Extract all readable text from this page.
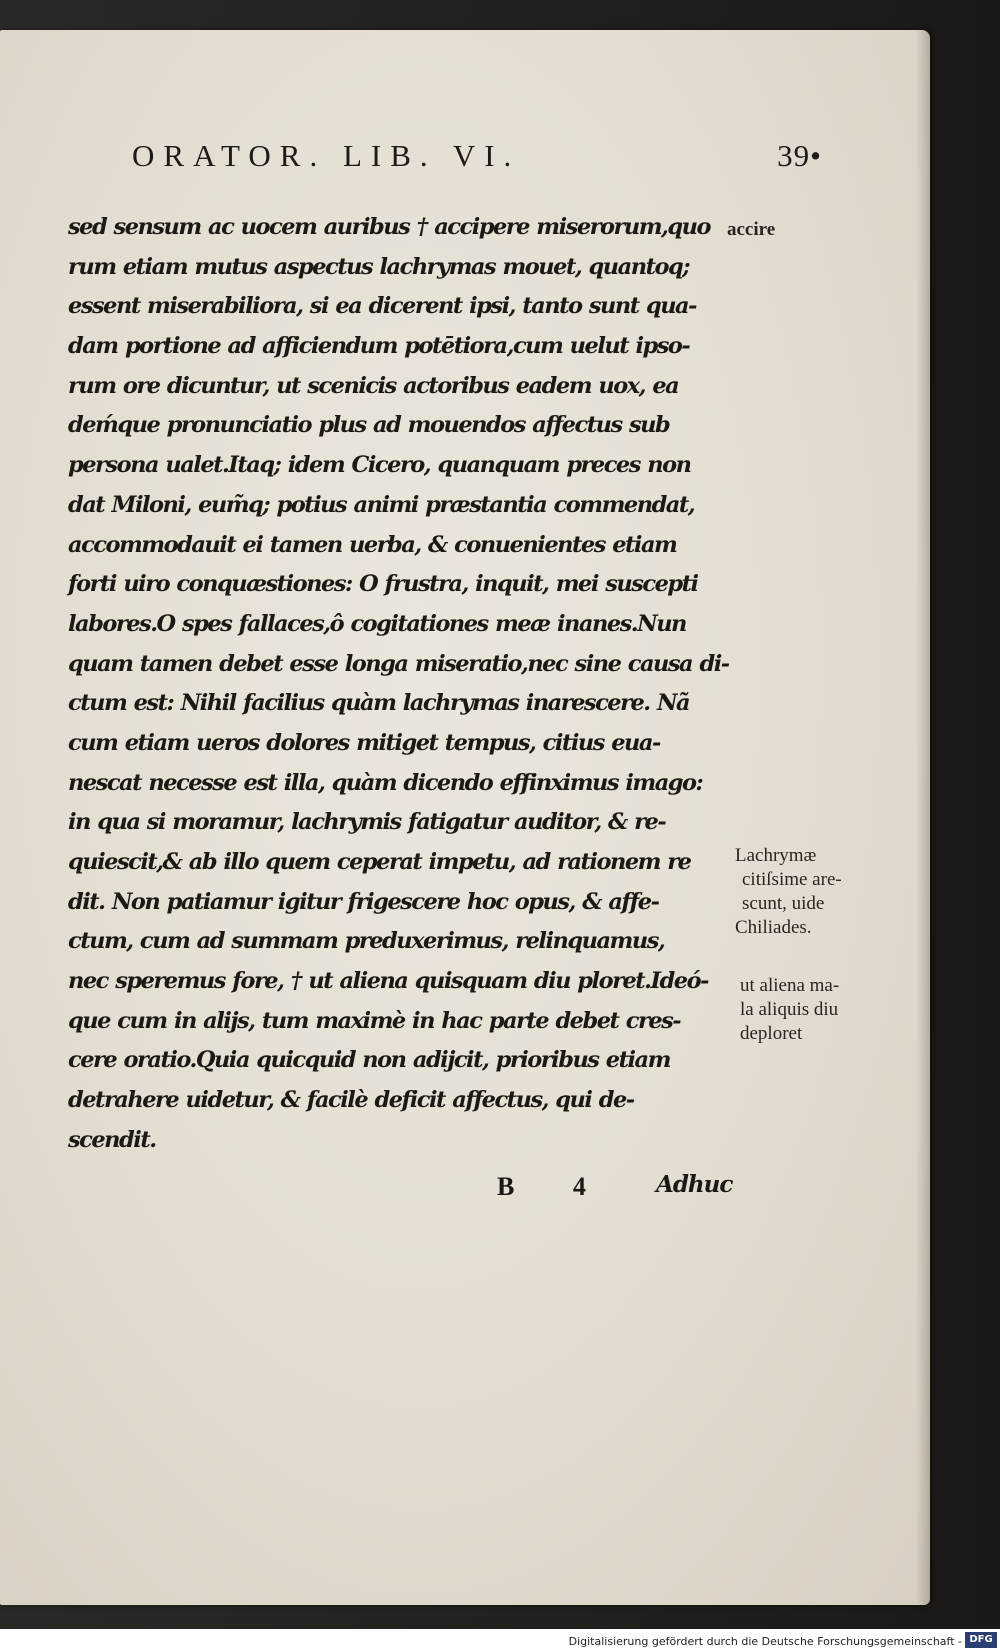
ORATOR. LIB. VI.	39•
sed sensum ac uocem auribus † accipere miserorum,quo
rum etiam mutus aspectus lachrymas mouet, quantoq;
essent miserabiliora, si ea dicerent ipsi, tanto sunt qua-
dam portione ad afficiendum potētiora,cum uelut ipso-
rum ore dicuntur, ut scenicis actoribus eadem uox, ea
deḿque pronunciatio plus ad mouendos affectus sub
persona ualet.Itaq; idem Cicero, quanquam preces non
dat Miloni, eum̃q; potius animi præstantia commendat,
accommodauit ei tamen uerba, & conuenientes etiam
forti uiro conquæstiones: O frustra, inquit, mei suscepti
labores.O spes fallaces,ô cogitationes meæ inanes.Nun
quam tamen debet esse longa miseratio,nec sine causa di-
ctum est: Nihil facilius quàm lachrymas inarescere. Nã
cum etiam ueros dolores mitiget tempus, citius eua-
nescat necesse est illa, quàm dicendo effinximus imago:
in qua si moramur, lachrymis fatigatur auditor, & re-
quiescit,& ab illo quem ceperat impetu, ad rationem re
dit. Non patiamur igitur frigescere hoc opus, & affe-
ctum, cum ad summam preduxerimus, relinquamus,
nec speremus fore, † ut aliena quisquam diu ploret.Ideó-
que cum in alijs, tum maximè in hac parte debet cres-
cere oratio.Quia quicquid non adijcit, prioribus etiam
detrahere uidetur, & facilè deficit affectus, qui de-
scendit.
accire
Lachrymæ
citiſsime are-
scunt, uide
Chiliades.
ut aliena ma-
la aliquis diu
deploret
B 4 Adhuc
Digitalisierung gefördert durch die Deutsche Forschungsgemeinschaft - DFG
